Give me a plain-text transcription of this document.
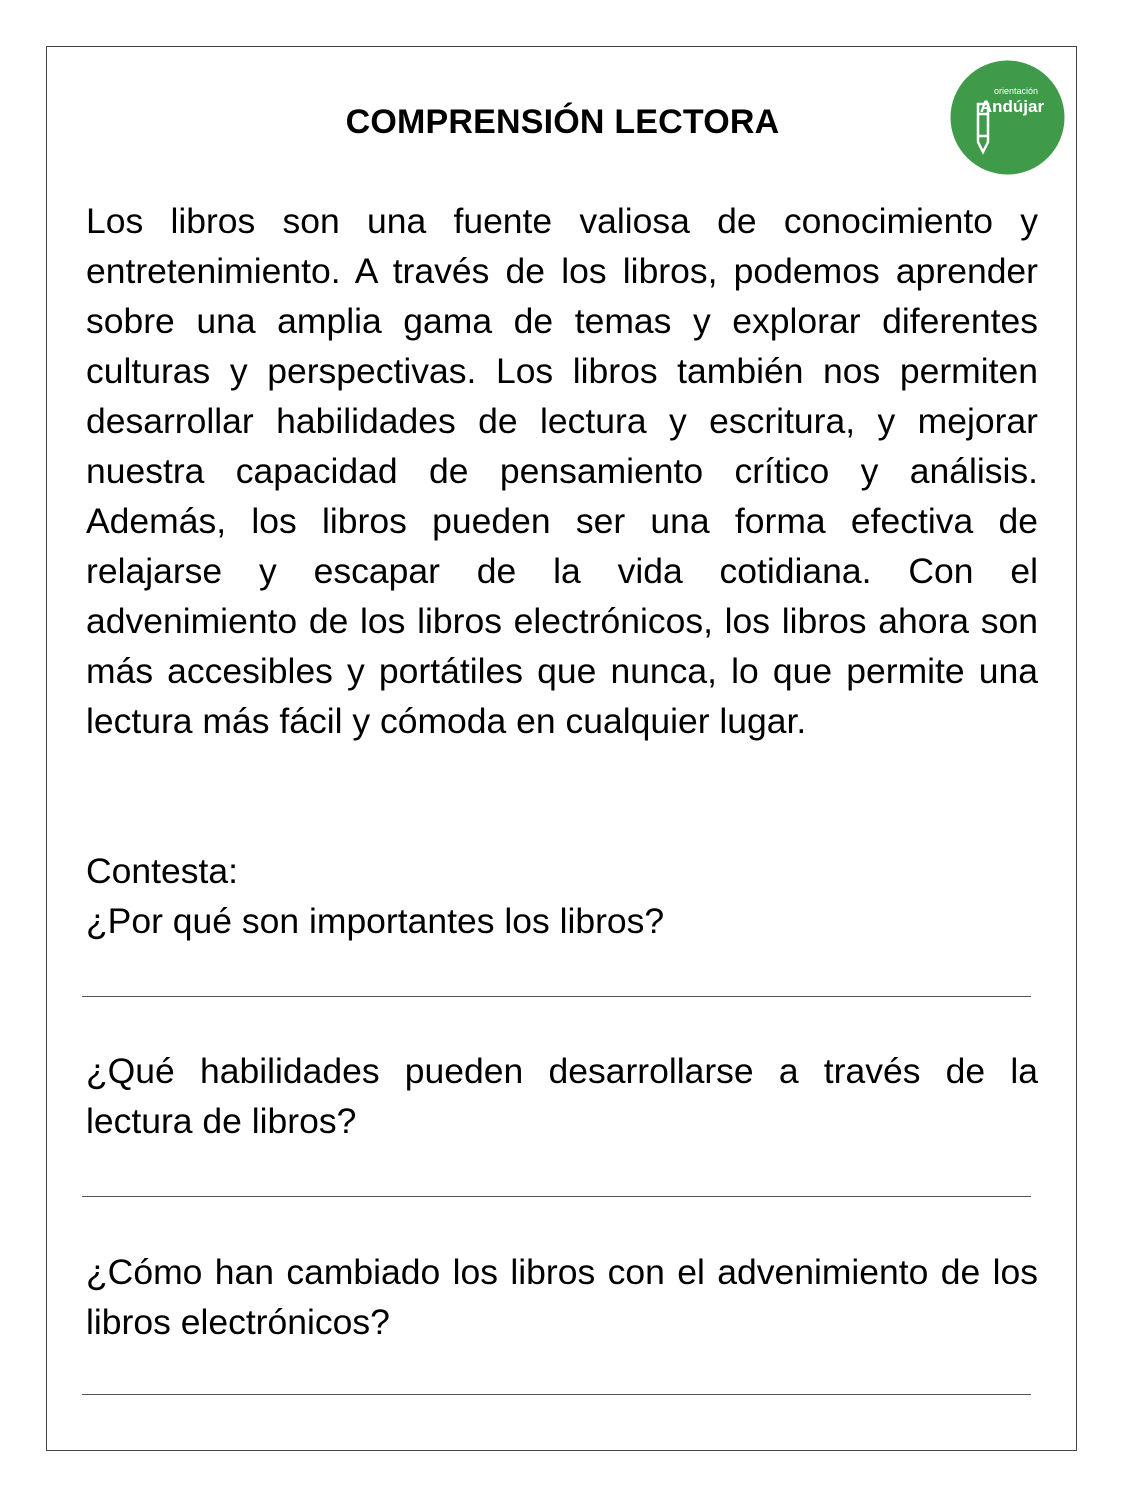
orientación
Andújar
COMPRENSIÓN LECTORA

Los libros son una fuente valiosa de conocimiento y entretenimiento. A través de los libros, podemos aprender sobre una amplia gama de temas y explorar diferentes culturas y perspectivas. Los libros también nos permiten desarrollar habilidades de lectura y escritura, y mejorar nuestra capacidad de pensamiento crítico y análisis. Además, los libros pueden ser una forma efectiva de relajarse y escapar de la vida cotidiana. Con el advenimiento de los libros electrónicos, los libros ahora son más accesibles y portátiles que nunca, lo que permite una lectura más fácil y cómoda en cualquier lugar.

Contesta:

¿Por qué son importantes los libros?

¿Qué habilidades pueden desarrollarse a través de la lectura de libros?

¿Cómo han cambiado los libros con el advenimiento de los libros electrónicos?
